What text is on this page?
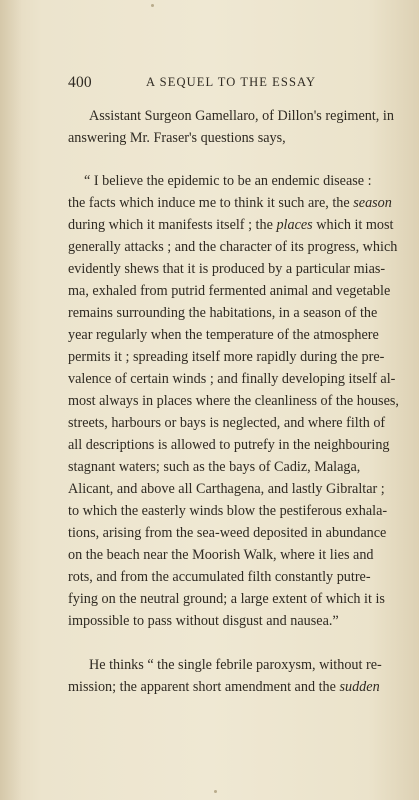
400	A SEQUEL TO THE ESSAY
Assistant Surgeon Gamellaro, of Dillon's regiment, in
answering Mr. Fraser's questions says,
“ I believe the epidemic to be an endemic disease :
the facts which induce me to think it such are, the season
during which it manifests itself ; the places which it most
generally attacks ; and the character of its progress, which
evidently shews that it is produced by a particular mias-
ma, exhaled from putrid fermented animal and vegetable
remains surrounding the habitations, in a season of the
year regularly when the temperature of the atmosphere
permits it ; spreading itself more rapidly during the pre-
valence of certain winds ; and finally developing itself al-
most always in places where the cleanliness of the houses,
streets, harbours or bays is neglected, and where filth of
all descriptions is allowed to putrefy in the neighbouring
stagnant waters; such as the bays of Cadiz, Malaga,
Alicant, and above all Carthagena, and lastly Gibraltar ;
to which the easterly winds blow the pestiferous exhala-
tions, arising from the sea-weed deposited in abundance
on the beach near the Moorish Walk, where it lies and
rots, and from the accumulated filth constantly putre-
fying on the neutral ground; a large extent of which it is
impossible to pass without disgust and nausea.”
He thinks “ the single febrile paroxysm, without re-
mission; the apparent short amendment and the sudden
